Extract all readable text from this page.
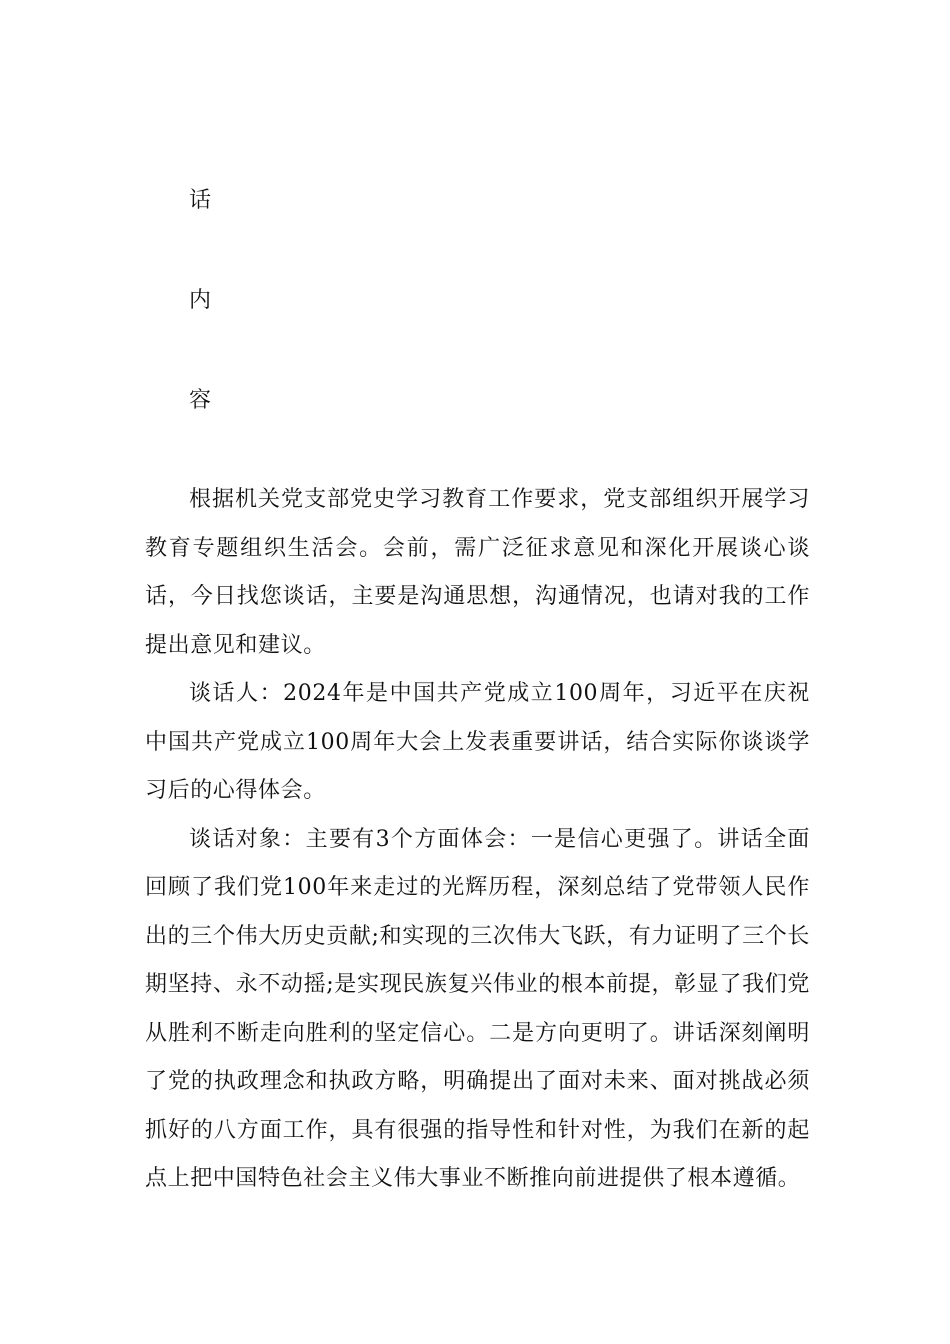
话

内

容

根据机关党支部党史学习教育工作要求，党支部组织开展学习教育专题组织生活会。会前，需广泛征求意见和深化开展谈心谈话，今日找您谈话，主要是沟通思想，沟通情况，也请对我的工作提出意见和建议。

谈话人：2024年是中国共产党成立100周年，习近平在庆祝中国共产党成立100周年大会上发表重要讲话，结合实际你谈谈学习后的心得体会。

谈话对象：主要有3个方面体会：一是信心更强了。讲话全面回顾了我们党100年来走过的光辉历程，深刻总结了党带领人民作出的三个伟大历史贡献;和实现的三次伟大飞跃，有力证明了三个长期坚持、永不动摇;是实现民族复兴伟业的根本前提，彰显了我们党从胜利不断走向胜利的坚定信心。二是方向更明了。讲话深刻阐明了党的执政理念和执政方略，明确提出了面对未来、面对挑战必须抓好的八方面工作，具有很强的指导性和针对性，为我们在新的起点上把中国特色社会主义伟大事业不断推向前进提供了根本遵循。
